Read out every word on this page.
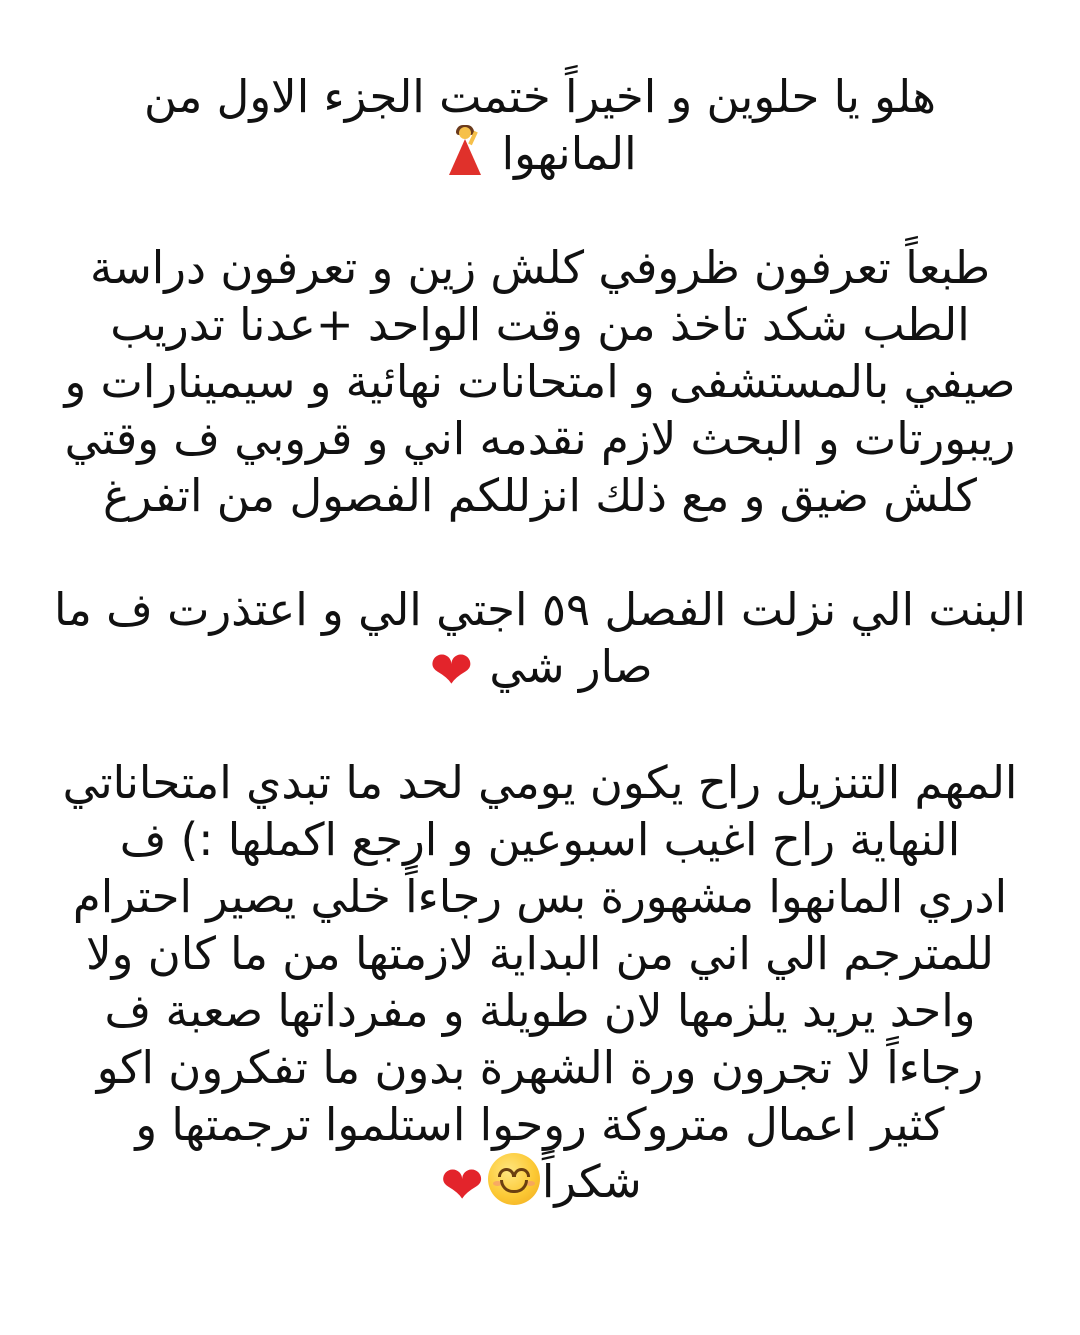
هلو يا حلوين و اخيراً ختمت الجزء الاول من
المانهوا

طبعاً تعرفون ظروفي كلش زين و تعرفون دراسة
الطب شكد تاخذ من وقت الواحد +عدنا تدريب
صيفي بالمستشفى و امتحانات نهائية و سيمينارات و
ريبورتات و البحث لازم نقدمه اني و قروبي ف وقتي
كلش ضيق و مع ذلك انزللكم الفصول من اتفرغ

البنت الي نزلت الفصل ٥٩ اجتي الي و اعتذرت ف ما
صار شي ❤

المهم التنزيل راح يكون يومي لحد ما تبدي امتحاناتي
النهاية راح اغيب اسبوعين و ارجع اكملها :) ف
ادري المانهوا مشهورة بس رجاءاً خلي يصير احترام
للمترجم الي اني من البداية لازمتها من ما كان ولا
واحد يريد يلزمها لان طويلة و مفرداتها صعبة ف
رجاءاً لا تجرون ورة الشهرة بدون ما تفكرون اكو
كثير اعمال متروكة روحوا استلموا ترجمتها و
شكراً
❤
